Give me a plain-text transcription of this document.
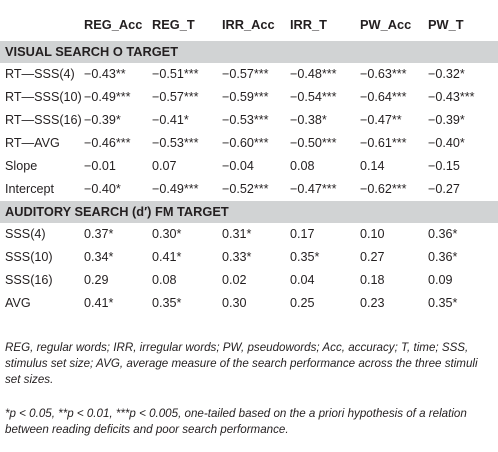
	REG_Acc	REG_T	IRR_Acc	IRR_T	PW_Acc	PW_T
VISUAL SEARCH O TARGET						
RT—SSS(4)	−0.43**	−0.51***	−0.57***	−0.48***	−0.63***	−0.32*
RT—SSS(10)	−0.49***	−0.57***	−0.59***	−0.54***	−0.64***	−0.43***
RT—SSS(16)	−0.39*	−0.41*	−0.53***	−0.38*	−0.47**	−0.39*
RT—AVG	−0.46***	−0.53***	−0.60***	−0.50***	−0.61***	−0.40*
Slope	−0.01	0.07	−0.04	0.08	0.14	−0.15
Intercept	−0.40*	−0.49***	−0.52***	−0.47***	−0.62***	−0.27
AUDITORY SEARCH (d′) FM TARGET						
SSS(4)	0.37*	0.30*	0.31*	0.17	0.10	0.36*
SSS(10)	0.34*	0.41*	0.33*	0.35*	0.27	0.36*
SSS(16)	0.29	0.08	0.02	0.04	0.18	0.09
AVG	0.41*	0.35*	0.30	0.25	0.23	0.35*
REG, regular words; IRR, irregular words; PW, pseudowords; Acc, accuracy; T, time; SSS, stimulus set size; AVG, average measure of the search performance across the three stimuli set sizes.
*p < 0.05, **p < 0.01, ***p < 0.005, one-tailed based on the a priori hypothesis of a relation between reading deficits and poor search performance.
